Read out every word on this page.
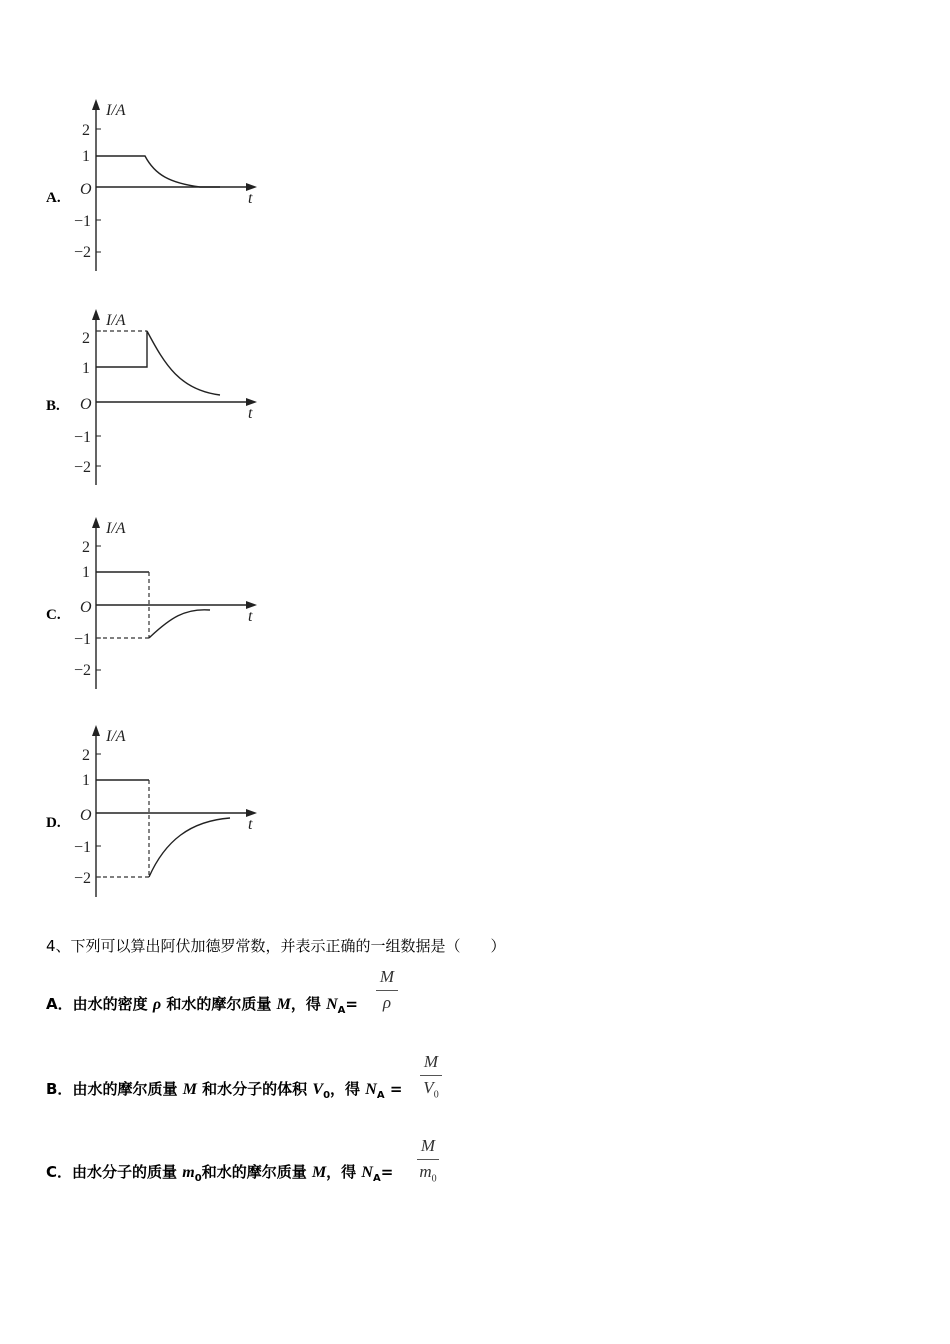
A.
I/A
2
1
O
−1
−2
t
B.
I/A
2
1
O
−1
−2
t
C.
I/A
2
1
O
−1
−2
t
D.
I/A
2
1
O
−1
−2
t
4、下列可以算出阿伏加德罗常数，并表示正确的一组数据是（　　）
A．由水的密度 ρ 和水的摩尔质量 M，得 $N_A= \frac{M}{\rho}$
B．由水的摩尔质量 M 和水分子的体积 $V_0$，得 $N_A = \frac{M}{V_0}$
C．由水分子的质量 $m_0$和水的摩尔质量 M，得 $N_A= \frac{M}{m_0}$
